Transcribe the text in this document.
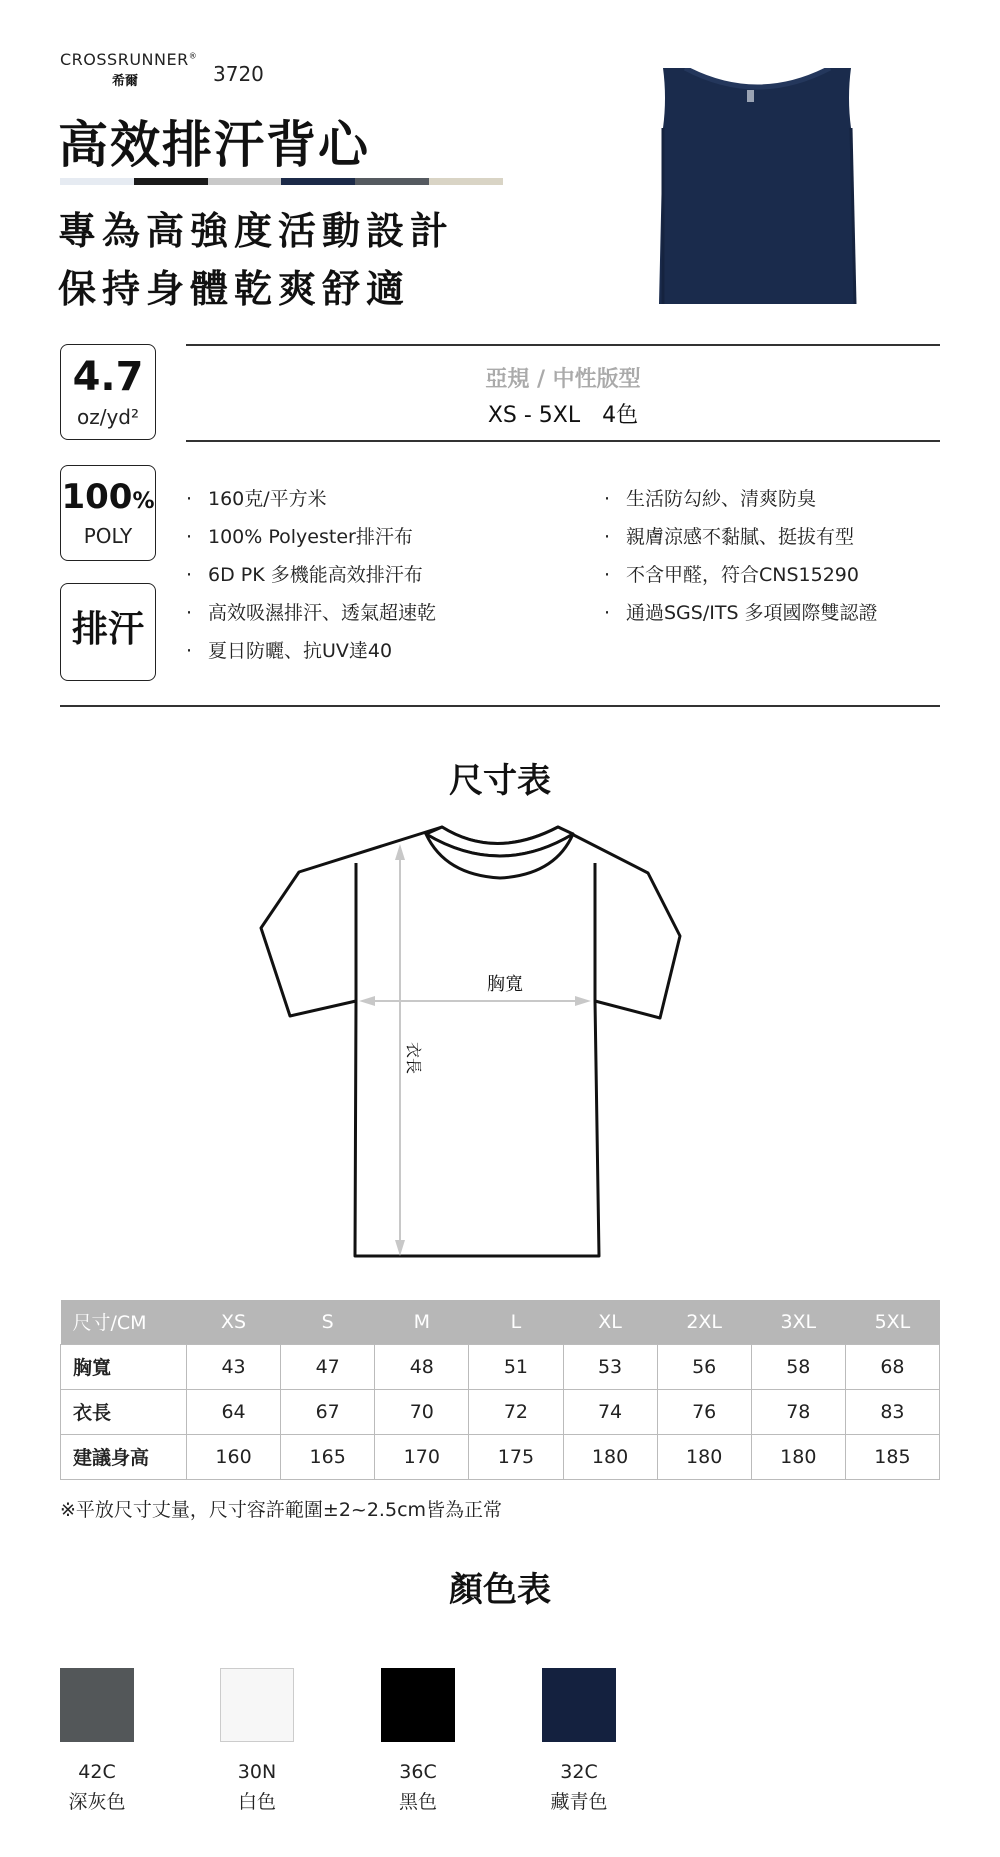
CROSSRUNNER®
希爾	3720
高效排汗背心
專為高強度活動設計
保持身體乾爽舒適
4.7
oz/yd²
100%
POLY
排汗
亞規 / 中性版型
XS - 5XL　4色
· 160克/平方米
· 100% Polyester排汗布
· 6D PK 多機能高效排汗布
· 高效吸濕排汗、透氣超速乾
· 夏日防曬、抗UV達40
· 生活防勾紗、清爽防臭
· 親膚涼感不黏膩、挺拔有型
· 不含甲醛，符合CNS15290
· 通過SGS/ITS 多項國際雙認證
尺寸表
胸寬
衣長
尺寸/CM	XS	S	M	L	XL	2XL	3XL	5XL
胸寬	43	47	48	51	53	56	58	68
衣長	64	67	70	72	74	76	78	83
建議身高	160	165	170	175	180	180	180	185
※平放尺寸丈量，尺寸容許範圍±2~2.5cm皆為正常
顏色表
42C
深灰色
30N
白色
36C
黑色
32C
藏青色
